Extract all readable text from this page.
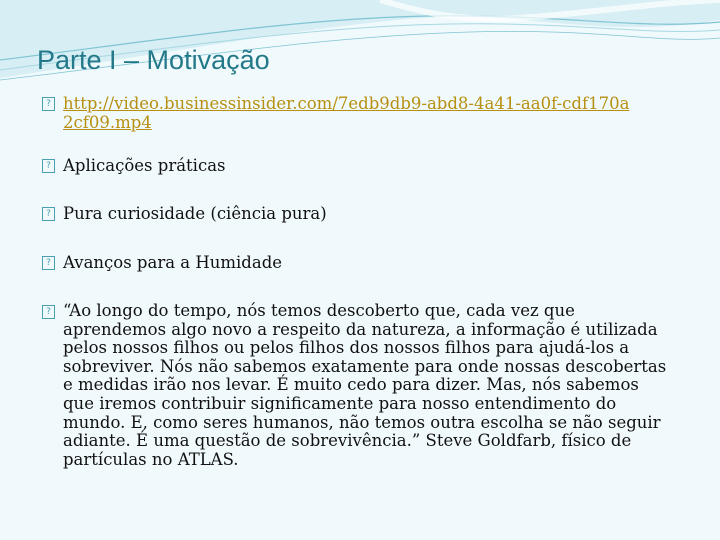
Parte I – Motivação
? http://video.businessinsider.com/7edb9db9-abd8-4a41-aa0f-cdf170a2cf09.mp4
? Aplicações práticas
? Pura curiosidade (ciência pura)
? Avanços para a Humidade
? “Ao longo do tempo, nós temos descoberto que, cada vez que aprendemos algo novo a respeito da natureza, a informação é utilizada pelos nossos filhos ou pelos filhos dos nossos filhos para ajudá-los a sobreviver. Nós não sabemos exatamente para onde nossas descobertas e medidas irão nos levar. É muito cedo para dizer. Mas, nós sabemos que iremos contribuir significamente para nosso entendimento do mundo. E, como seres humanos, não temos outra escolha se não seguir adiante. É uma questão de sobrevivência.” Steve Goldfarb, físico de partículas no ATLAS.
